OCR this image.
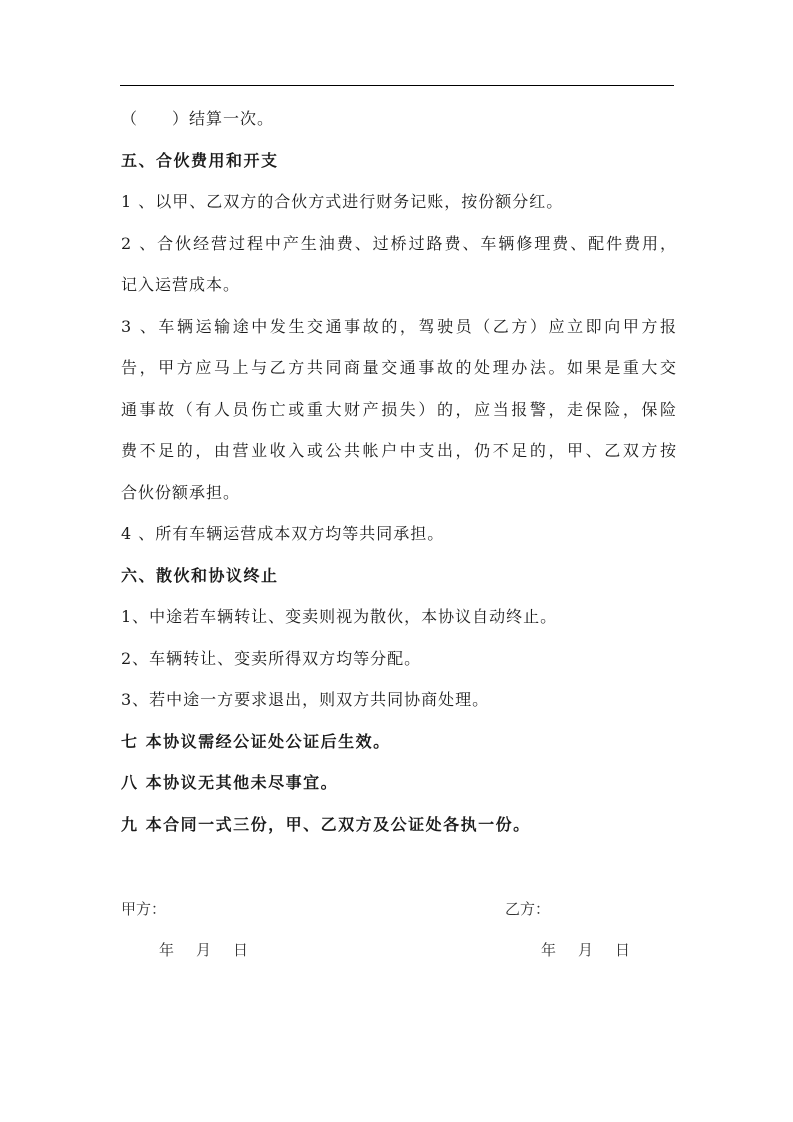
（　　）结算一次。
五、合伙费用和开支
1 、以甲、乙双方的合伙方式进行财务记账，按份额分红。
2 、合伙经营过程中产生油费、过桥过路费、车辆修理费、配件费用，
记入运营成本。
3 、车辆运输途中发生交通事故的，驾驶员（乙方）应立即向甲方报
告，甲方应马上与乙方共同商量交通事故的处理办法。如果是重大交
通事故（有人员伤亡或重大财产损失）的，应当报警，走保险，保险
费不足的，由营业收入或公共帐户中支出，仍不足的，甲、乙双方按
合伙份额承担。
4 、所有车辆运营成本双方均等共同承担。
六、散伙和协议终止
1、中途若车辆转让、变卖则视为散伙，本协议自动终止。
2、车辆转让、变卖所得双方均等分配。
3、若中途一方要求退出，则双方共同协商处理。
七 本协议需经公证处公证后生效。
八 本协议无其他未尽事宜。
九 本合同一式三份，甲、乙双方及公证处各执一份。
甲方：	乙方：
年 月 日	年 月 日
